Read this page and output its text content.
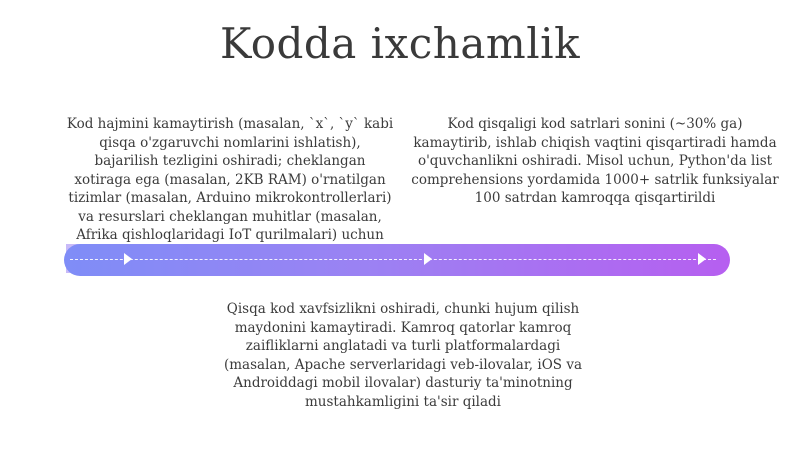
Kodda ixchamlik
Kod hajmini kamaytirish (masalan, `x`, `y` kabi qisqa o'zgaruvchi nomlarini ishlatish), bajarilish tezligini oshiradi; cheklangan xotiraga ega (masalan, 2KB RAM) o'rnatilgan tizimlar (masalan, Arduino mikrokontrollerlari) va resurslari cheklangan muhitlar (masalan, Afrika qishloqlaridagi IoT qurilmalari) uchun
Kod qisqaligi kod satrlari sonini (~30% ga) kamaytirib, ishlab chiqish vaqtini qisqartiradi hamda o'quvchanlikni oshiradi. Misol uchun, Python'da list comprehensions yordamida 1000+ satrlik funksiyalar 100 satrdan kamroqqa qisqartirildi
Qisqa kod xavfsizlikni oshiradi, chunki hujum qilish maydonini kamaytiradi. Kamroq qatorlar kamroq zaifliklarni anglatadi va turli platformalardagi (masalan, Apache serverlaridagi veb-ilovalar, iOS va Androiddagi mobil ilovalar) dasturiy ta'minotning mustahkamligini ta'sir qiladi
